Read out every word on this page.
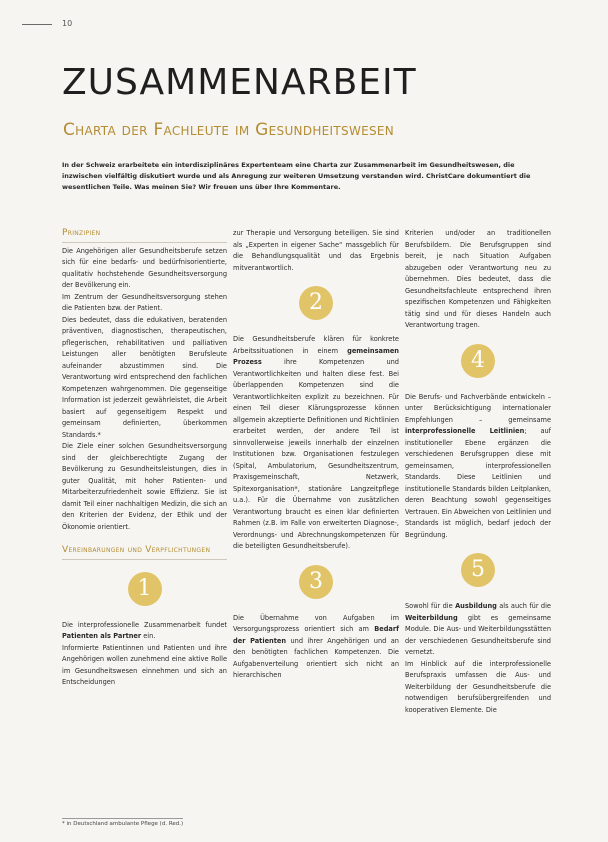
10
ZUSAMMENARBEIT
Charta der Fachleute im Gesundheitswesen
In der Schweiz erarbeitete ein interdisziplinäres Expertenteam eine Charta zur Zusammenarbeit im Gesundheitswesen, die inzwischen vielfältig diskutiert wurde und als Anregung zur weiteren Umsetzung verstanden wird. ChristCare dokumentiert die wesentlichen Teile. Was meinen Sie? Wir freuen uns über Ihre Kommentare.
Prinzipien

Die Angehörigen aller Gesundheitsberufe setzen sich für eine bedarfs- und bedürfnisorientierte, qualitativ hochstehende Gesundheitsversorgung der Bevölkerung ein.

Im Zentrum der Gesundheitsversorgung stehen die Patienten bzw. der Patient.

Dies bedeutet, dass die edukativen, beratenden präventiven, diagnostischen, therapeutischen, pflegerischen, rehabilitativen und palliativen Leistungen aller benötigten Berufsleute aufeinander abzustimmen sind. Die Verantwortung wird entsprechend den fachlichen Kompetenzen wahrgenommen. Die gegenseitige Information ist jederzeit gewährleistet, die Arbeit basiert auf gegenseitigem Respekt und gemeinsam definierten, überkommen Standards.*

Die Ziele einer solchen Gesundheitsversorgung sind der gleichberechtigte Zugang der Bevölkerung zu Gesundheitsleistungen, dies in guter Qualität, mit hoher Patienten- und Mitarbeiterzufriedenheit sowie Effizienz. Sie ist damit Teil einer nachhaltigen Medizin, die sich an den Kriterien der Evidenz, der Ethik und der Ökonomie orientiert.

Vereinbarungen und Verpflichtungen
1

Die interprofessionelle Zusammenarbeit fundet Patienten als Partner ein.

Informierte Patientinnen und Patienten und ihre Angehörigen wollen zunehmend eine aktive Rolle im Gesundheitswesen einnehmen und sich an Entscheidungen

zur Therapie und Versorgung beteiligen. Sie sind als „Experten in eigener Sache“ massgeblich für die Behandlungsqualität und das Ergebnis mitverantwortlich.

2

Die Gesundheitsberufe klären für konkrete Arbeitssituationen in einem gemeinsamen Prozess ihre Kompetenzen und Verantwortlichkeiten und halten diese fest. Bei überlappenden Kompetenzen sind die Verantwortlichkeiten explizit zu bezeichnen. Für einen Teil dieser Klärungsprozesse können allgemein akzeptierte Definitionen und Richtlinien erarbeitet werden, der andere Teil ist sinnvollerweise jeweils innerhalb der einzelnen Institutionen bzw. Organisationen festzulegen (Spital, Ambulatorium, Gesundheitszentrum, Praxisgemeinschaft, Netzwerk, Spitexorganisation*, stationäre Langzeitpflege u.a.). Für die Übernahme von zusätzlichen Verantwortung braucht es einen klar definierten Rahmen (z.B. im Falle von erweiterten Diagnose-, Verordnungs- und Abrechnungskompetenzen für die beteiligten Gesundheitsberufe).

3

Die Übernahme von Aufgaben im Versorgungsprozess orientiert sich am Bedarf der Patienten und ihrer Angehörigen und an den benötigten fachlichen Kompetenzen. Die Aufgabenverteilung orientiert sich nicht an hierarchischen

Kriterien und/oder an traditionellen Berufsbildern. Die Berufsgruppen sind bereit, je nach Situation Aufgaben abzugeben oder Verantwortung neu zu übernehmen. Dies bedeutet, dass die Gesundheitsfachleute entsprechend ihren spezifischen Kompetenzen und Fähigkeiten tätig sind und für dieses Handeln auch Verantwortung tragen.

4

Die Berufs- und Fachverbände entwickeln – unter Berücksichtigung internationaler Empfehlungen – gemeinsame interprofessionelle Leitlinien; auf institutioneller Ebene ergänzen die verschiedenen Berufsgruppen diese mit gemeinsamen, interprofessionellen Standards. Diese Leitlinien und institutionelle Standards bilden Leitplanken, deren Beachtung sowohl gegenseitiges Vertrauen. Ein Abweichen von Leitlinien und Standards ist möglich, bedarf jedoch der Begründung.

5

Sowohl für die Ausbildung als auch für die Weiterbildung gibt es gemeinsame Module. Die Aus- und Weiterbildungsstätten der verschiedenen Gesundheitsberufe sind vernetzt.

Im Hinblick auf die interprofessionelle Berufspraxis umfassen die Aus- und Weiterbildung der Gesundheitsberufe die notwendigen berufsübergreifenden und kooperativen Elemente. Die

* in Deutschland ambulante Pflege (d. Red.)
